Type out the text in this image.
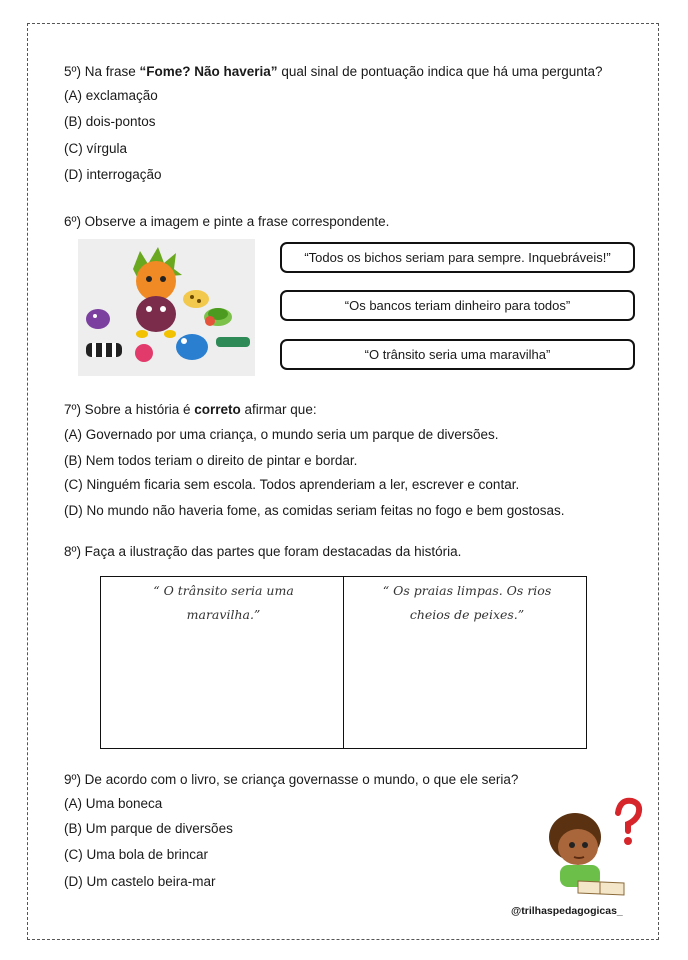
5º) Na frase “Fome? Não haveria” qual sinal de pontuação indica que há uma pergunta?
(A) exclamação
(B) dois-pontos
(C) vírgula
(D) interrogação
6º) Observe a imagem e pinte a frase correspondente.
“Todos os bichos seriam para sempre. Inquebráveis!”
“Os bancos teriam dinheiro para todos”
“O trânsito seria uma maravilha”
7º) Sobre a história é correto afirmar que:
(A) Governado por uma criança, o mundo seria um parque de diversões.
(B) Nem todos teriam o direito de pintar e bordar.
(C) Ninguém ficaria sem escola. Todos aprenderiam a ler, escrever e contar.
(D) No mundo não haveria fome, as comidas seriam feitas no fogo e bem gostosas.
8º) Faça a ilustração das partes que foram destacadas da história.
“ O trânsito seria uma
maravilha.”
“ Os praias limpas. Os rios
cheios de peixes.”
9º) De acordo com o livro, se criança governasse o mundo, o que ele seria?
(A) Uma boneca
(B) Um parque de diversões
(C) Uma bola de brincar
(D) Um castelo beira-mar
@trilhaspedagogicas_
